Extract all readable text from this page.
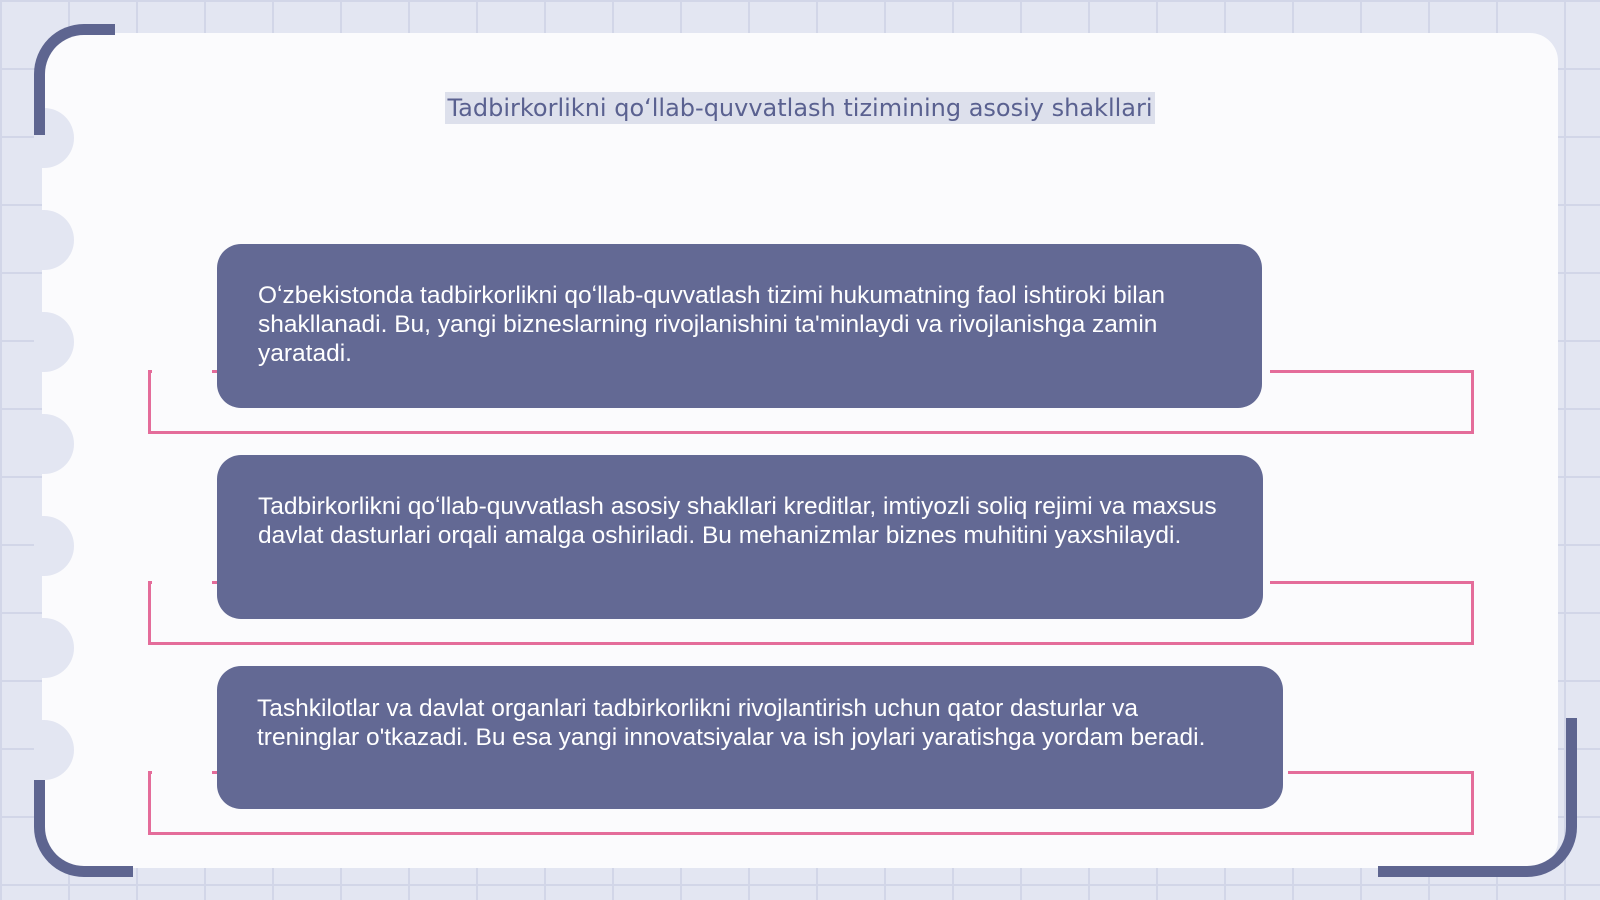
Tadbirkorlikni qoʻllab-quvvatlash tizimining asosiy shakllari
Oʻzbekistonda tadbirkorlikni qoʻllab-quvvatlash tizimi hukumatning faol ishtiroki bilan shakllanadi. Bu, yangi bizneslarning rivojlanishini ta'minlaydi va rivojlanishga zamin yaratadi.
Tadbirkorlikni qoʻllab-quvvatlash asosiy shakllari kreditlar, imtiyozli soliq rejimi va maxsus davlat dasturlari orqali amalga oshiriladi. Bu mehanizmlar biznes muhitini yaxshilaydi.
Tashkilotlar va davlat organlari tadbirkorlikni rivojlantirish uchun qator dasturlar va treninglar o'tkazadi. Bu esa yangi innovatsiyalar va ish joylari yaratishga yordam beradi.
